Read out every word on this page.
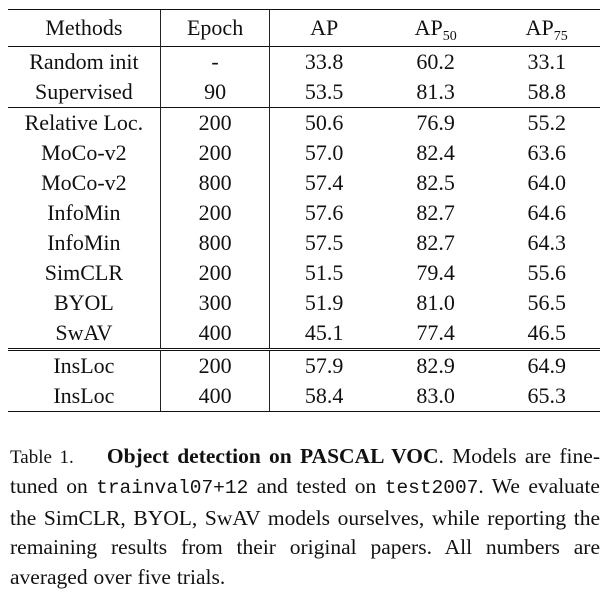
Methods	Epoch	AP	$AP_{50}$	$AP_{75}$
Random init	-	33.8	60.2	33.1
Supervised	90	53.5	81.3	58.8
Relative Loc.	200	50.6	76.9	55.2
MoCo-v2	200	57.0	82.4	63.6
MoCo-v2	800	57.4	82.5	64.0
InfoMin	200	57.6	82.7	64.6
InfoMin	800	57.5	82.7	64.3
SimCLR	200	51.5	79.4	55.6
BYOL	300	51.9	81.0	56.5
SwAV	400	45.1	77.4	46.5
InsLoc	200	57.9	82.9	64.9
InsLoc	400	58.4	83.0	65.3

Table 1. Object detection on PASCAL VOC. Models are fine-tuned on trainval07+12 and tested on test2007. We evaluate the SimCLR, BYOL, SwAV models ourselves, while reporting the remaining results from their original papers. All numbers are averaged over five trials.
